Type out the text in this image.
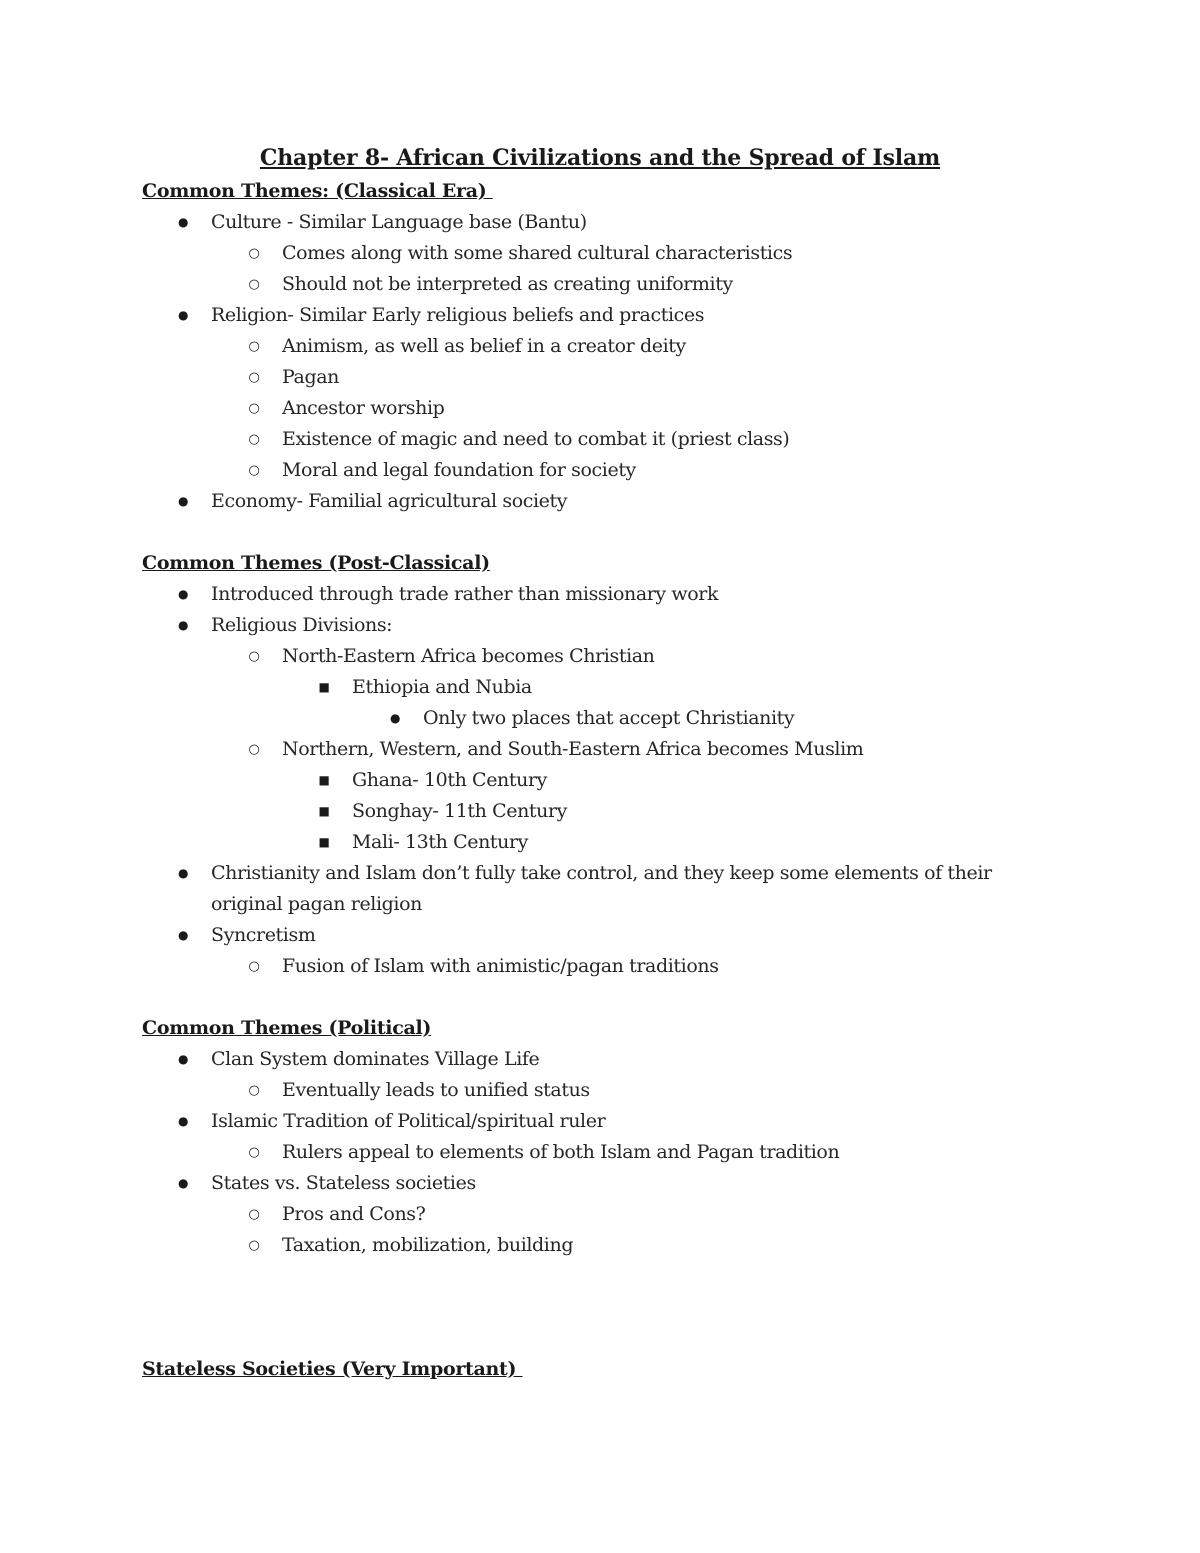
Chapter 8- African Civilizations and the Spread of Islam
Common Themes: (Classical Era)
● Culture - Similar Language base (Bantu)
○ Comes along with some shared cultural characteristics
○ Should not be interpreted as creating uniformity
● Religion- Similar Early religious beliefs and practices
○ Animism, as well as belief in a creator deity
○ Pagan
○ Ancestor worship
○ Existence of magic and need to combat it (priest class)
○ Moral and legal foundation for society
● Economy- Familial agricultural society
Common Themes (Post-Classical)
● Introduced through trade rather than missionary work
● Religious Divisions:
○ North-Eastern Africa becomes Christian
■ Ethiopia and Nubia
● Only two places that accept Christianity
○ Northern, Western, and South-Eastern Africa becomes Muslim
■ Ghana- 10th Century
■ Songhay- 11th Century
■ Mali- 13th Century
● Christianity and Islam don’t fully take control, and they keep some elements of their original pagan religion
● Syncretism
○ Fusion of Islam with animistic/pagan traditions
Common Themes (Political)
● Clan System dominates Village Life
○ Eventually leads to unified status
● Islamic Tradition of Political/spiritual ruler
○ Rulers appeal to elements of both Islam and Pagan tradition
● States vs. Stateless societies
○ Pros and Cons?
○ Taxation, mobilization, building
Stateless Societies (Very Important)
